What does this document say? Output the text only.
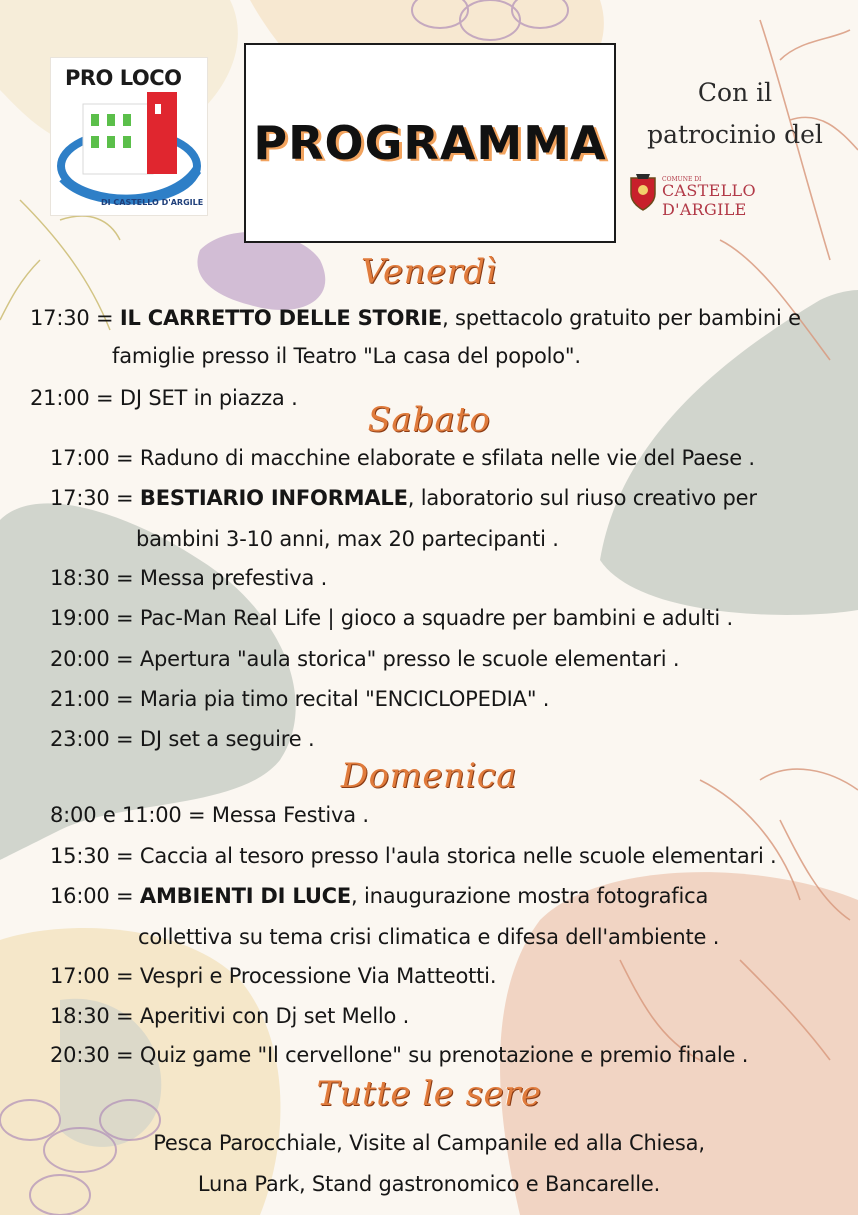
PRO LOCO
DI CASTELLO D'ARGILE
PROGRAMMA
Con il
patrocinio del
COMUNE DI
CASTELLO D'ARGILE
Venerdì
17:30 = IL CARRETTO DELLE STORIE, spettacolo gratuito per bambini e
famiglie presso il Teatro "La casa del popolo".
21:00 = DJ SET in piazza .
Sabato
17:00 = Raduno di macchine elaborate e sfilata nelle vie del Paese .
17:30 = BESTIARIO INFORMALE, laboratorio sul riuso creativo per
bambini 3-10 anni, max 20 partecipanti .
18:30 = Messa prefestiva .
19:00 = Pac-Man Real Life | gioco a squadre per bambini e adulti .
20:00 = Apertura "aula storica" presso le scuole elementari .
21:00 = Maria pia timo recital "ENCICLOPEDIA" .
23:00 = DJ set a seguire .
Domenica
8:00 e 11:00 = Messa Festiva .
15:30 = Caccia al tesoro presso l'aula storica nelle scuole elementari .
16:00 = AMBIENTI DI LUCE, inaugurazione mostra fotografica
collettiva su tema crisi climatica e difesa dell'ambiente .
17:00 = Vespri e Processione Via Matteotti.
18:30 = Aperitivi con Dj set Mello .
20:30 = Quiz game "Il cervellone" su prenotazione e premio finale .
Tutte le sere
Pesca Parocchiale, Visite al Campanile ed alla Chiesa,
Luna Park, Stand gastronomico e Bancarelle.
